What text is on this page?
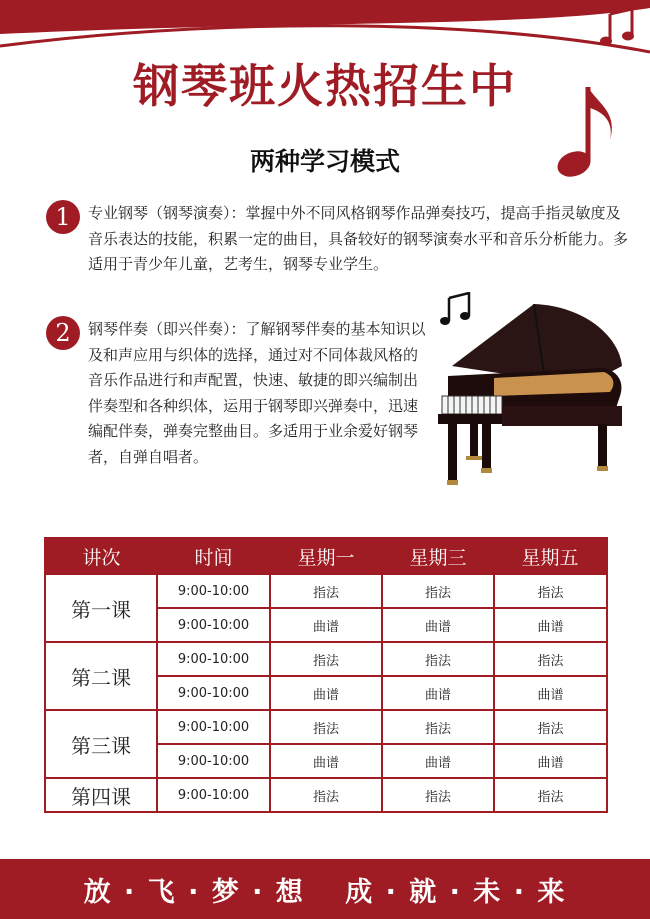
钢琴班火热招生中
两种学习模式
1	专业钢琴（钢琴演奏）：掌握中外不同风格钢琴作品弹奏技巧，提高手指灵敏度及音乐表达的技能，积累一定的曲目，具备较好的钢琴演奏水平和音乐分析能力。多适用于青少年儿童，艺考生，钢琴专业学生。
2	钢琴伴奏（即兴伴奏）：了解钢琴伴奏的基本知识以及和声应用与织体的选择，通过对不同体裁风格的音乐作品进行和声配置，快速、敏捷的即兴编制出伴奏型和各种织体，运用于钢琴即兴弹奏中，迅速编配伴奏，弹奏完整曲目。多适用于业余爱好钢琴者，自弹自唱者。
讲次	时间	星期一	星期三	星期五
第一课	9:00-10:00	指法	指法	指法
	9:00-10:00	曲谱	曲谱	曲谱
第二课	9:00-10:00	指法	指法	指法
	9:00-10:00	曲谱	曲谱	曲谱
第三课	9:00-10:00	指法	指法	指法
	9:00-10:00	曲谱	曲谱	曲谱
第四课	9:00-10:00	指法	指法	指法
放 · 飞 · 梦 · 想　 成 · 就 · 未 · 来
